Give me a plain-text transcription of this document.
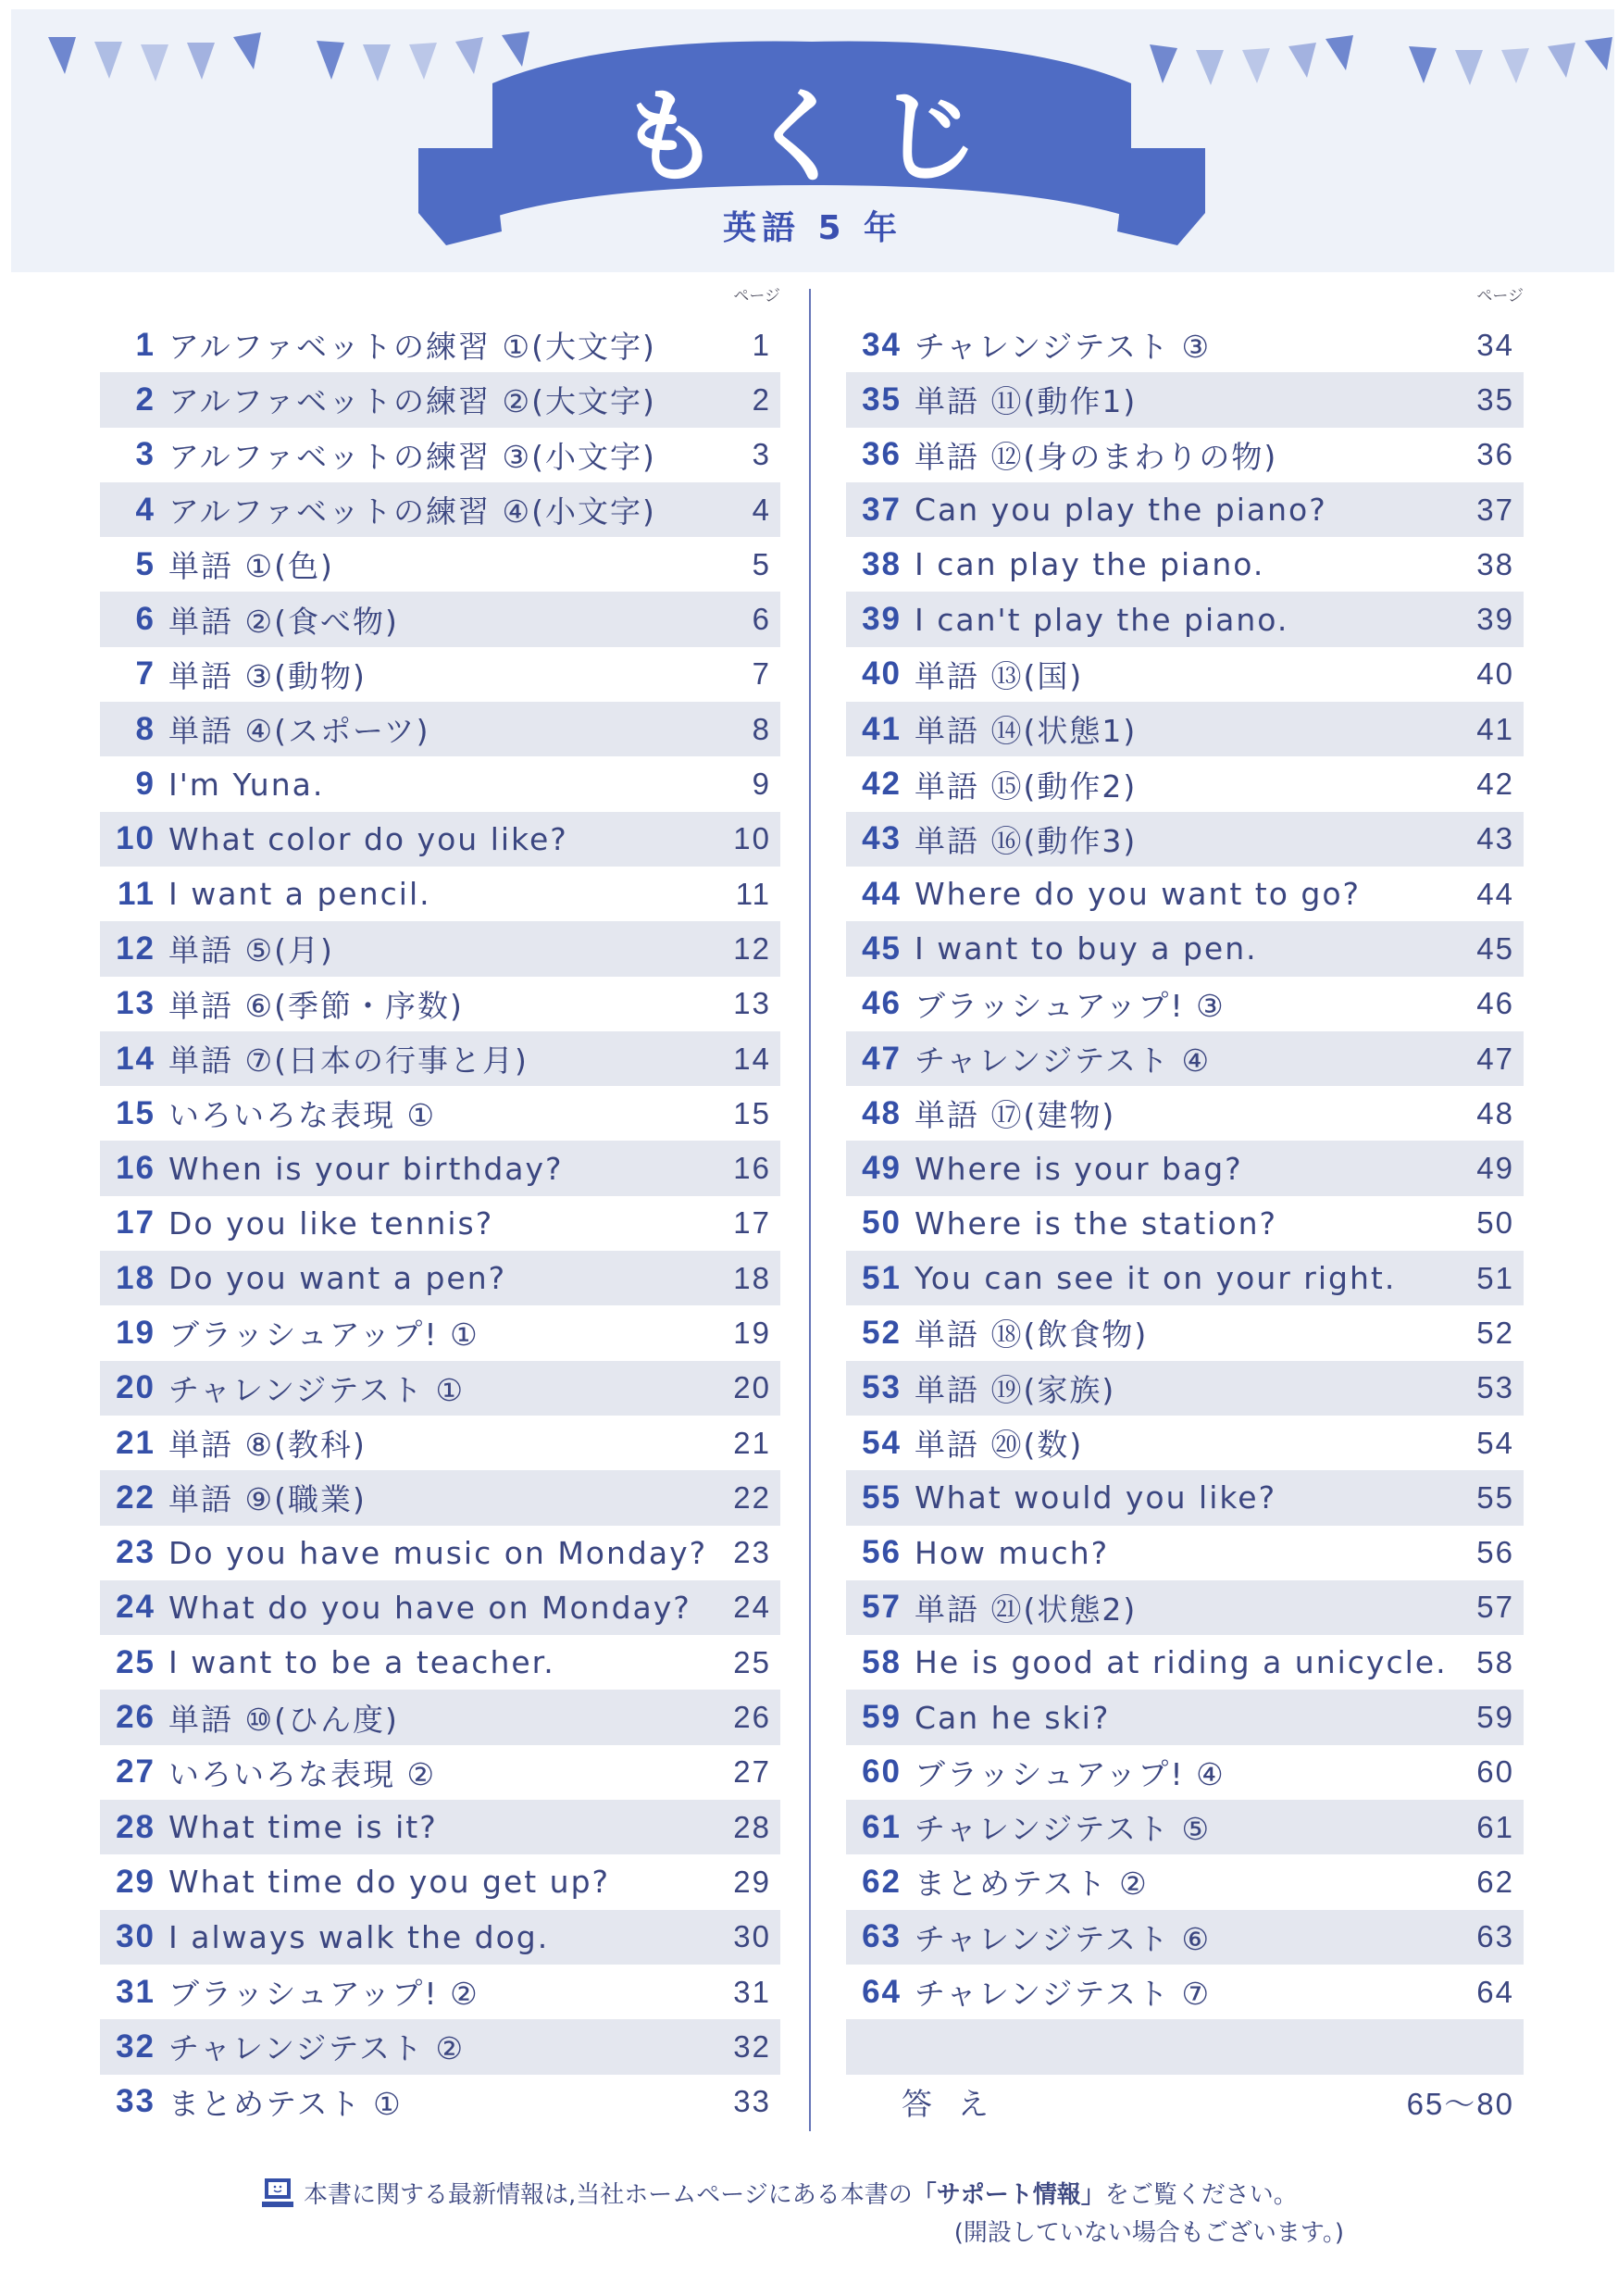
もくじ
英語 5 年
ページ
1 アルファベットの練習 ①(大文字)	1
2 アルファベットの練習 ②(大文字)	2
3 アルファベットの練習 ③(小文字)	3
4 アルファベットの練習 ④(小文字)	4
5 単語 ①(色)	5
6 単語 ②(食べ物)	6
7 単語 ③(動物)	7
8 単語 ④(スポーツ)	8
9 I'm Yuna.	9
10 What color do you like?	10
11 I want a pencil.	11
12 単語 ⑤(月)	12
13 単語 ⑥(季節・序数)	13
14 単語 ⑦(日本の行事と月)	14
15 いろいろな表現 ①	15
16 When is your birthday?	16
17 Do you like tennis?	17
18 Do you want a pen?	18
19 ブラッシュアップ! ①	19
20 チャレンジテスト ①	20
21 単語 ⑧(教科)	21
22 単語 ⑨(職業)	22
23 Do you have music on Monday? 23
24 What do you have on Monday?	24
25 I want to be a teacher.	25
26 単語 ⑩(ひん度)	26
27 いろいろな表現 ②	27
28 What time is it?	28
29 What time do you get up?	29
30 I always walk the dog.	30
31 ブラッシュアップ! ②	31
32 チャレンジテスト ②	32
33 まとめテスト ①	33
ページ
34 チャレンジテスト ③	34
35 単語 ⑪(動作1)	35
36 単語 ⑫(身のまわりの物)	36
37 Can you play the piano?	37
38 I can play the piano.	38
39 I can't play the piano.	39
40 単語 ⑬(国)	40
41 単語 ⑭(状態1)	41
42 単語 ⑮(動作2)	42
43 単語 ⑯(動作3)	43
44 Where do you want to go?	44
45 I want to buy a pen.	45
46 ブラッシュアップ! ③	46
47 チャレンジテスト ④	47
48 単語 ⑰(建物)	48
49 Where is your bag?	49
50 Where is the station?	50
51 You can see it on your right.	51
52 単語 ⑱(飲食物)	52
53 単語 ⑲(家族)	53
54 単語 ⑳(数)	54
55 What would you like?	55
56 How much?	56
57 単語 ㉑(状態2)	57
58 He is good at riding a unicycle. 58
59 Can he ski?	59
60 ブラッシュアップ! ④	60
61 チャレンジテスト ⑤	61
62 まとめテスト ②	62
63 チャレンジテスト ⑥	63
64 チャレンジテスト ⑦	64
答え	65～80
本書に関する最新情報は,当社ホームページにある本書の「サポート情報」をご覧ください。
(開設していない場合もございます。)
